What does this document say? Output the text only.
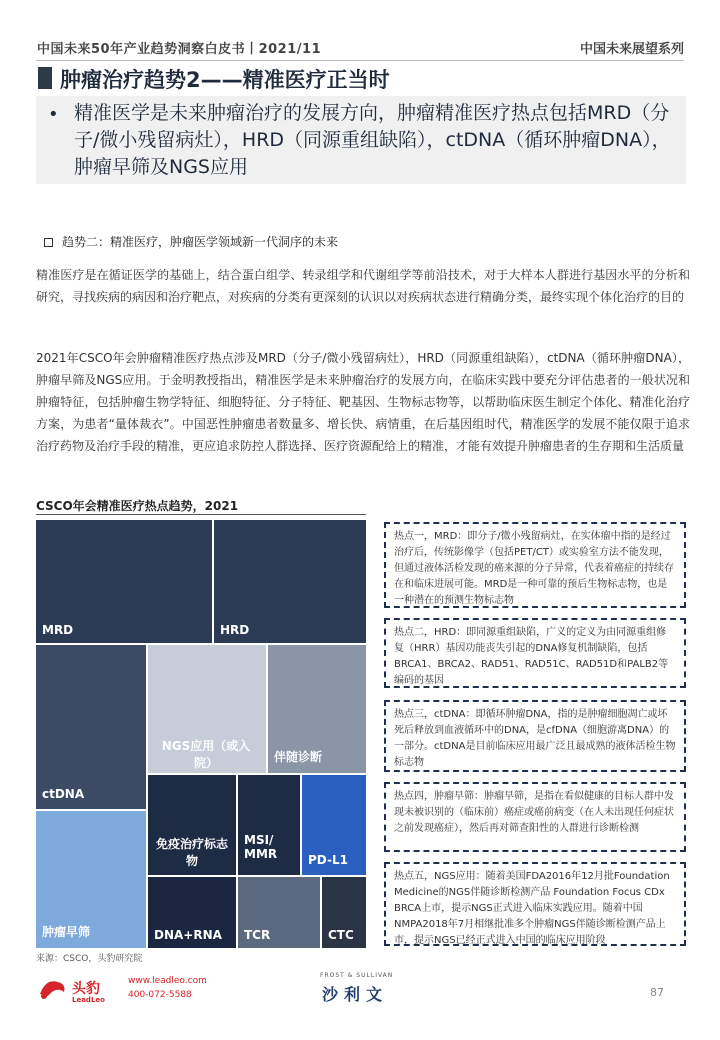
中国未来50年产业趋势洞察白皮书丨2021/11	中国未来展望系列
肿瘤治疗趋势2——精准医疗正当时
• 精准医学是未来肿瘤治疗的发展方向，肿瘤精准医疗热点包括MRD（分子/微小残留病灶），HRD（同源重组缺陷），ctDNA（循环肿瘤DNA），肿瘤早筛及NGS应用
趋势二：精准医疗，肿瘤医学领域新一代洞序的未来
精准医疗是在循证医学的基础上，结合蛋白组学、转录组学和代谢组学等前沿技术，对于大样本人群进行基因水平的分析和研究，寻找疾病的病因和治疗靶点，对疾病的分类有更深刻的认识以对疾病状态进行精确分类，最终实现个体化治疗的目的
2021年CSCO年会肿瘤精准医疗热点涉及MRD（分子/微小残留病灶），HRD（同源重组缺陷），ctDNA（循环肿瘤DNA），肿瘤早筛及NGS应用。于金明教授指出，精准医学是未来肿瘤治疗的发展方向，在临床实践中要充分评估患者的一般状况和肿瘤特征，包括肿瘤生物学特征、细胞特征、分子特征、靶基因、生物标志物等，以帮助临床医生制定个体化、精准化治疗方案，为患者“量体裁衣”。中国恶性肿瘤患者数量多、增长快、病情重，在后基因组时代，精准医学的发展不能仅限于追求治疗药物及治疗手段的精准，更应追求防控人群选择、医疗资源配给上的精准，才能有效提升肿瘤患者的生存期和生活质量
CSCO年会精准医疗热点趋势，2021
MRD	HRD
ctDNA
NGS应用（或入院）	伴随诊断
肿瘤早筛
免疫治疗标志物
MSI/ MMR	PD-L1
DNA+RNA TCR	CTC
热点一，MRD：即分子/微小残留病灶，在实体瘤中指的是经过治疗后，传统影像学（包括PET/CT）或实验室方法不能发现，但通过液体活检发现的癌来源的分子异常，代表着癌症的持续存在和临床进展可能。MRD是一种可靠的预后生物标志物，也是一种潜在的预测生物标志物
热点二，HRD：即同源重组缺陷，广义的定义为由同源重组修复（HRR）基因功能丧失引起的DNA修复机制缺陷，包括BRCA1、BRCA2、RAD51、RAD51C、RAD51D和PALB2等编码的基因
热点三，ctDNA：即循环肿瘤DNA，指的是肿瘤细胞凋亡或坏死后释放到血液循环中的DNA，是cfDNA（细胞游离DNA）的一部分。ctDNA是目前临床应用最广泛且最成熟的液体活检生物标志物
热点四，肿瘤早筛：肿瘤早筛，是指在看似健康的目标人群中发现未被识别的（临床前）癌症或癌前病变（在人未出现任何症状之前发现癌症），然后再对筛查阳性的人群进行诊断检测
热点五，NGS应用：随着美国FDA2016年12月批Foundation Medicine的NGS伴随诊断检测产品 Foundation Focus CDx BRCA上市，提示NGS正式进入临床实践应用。随着中国NMPA2018年7月相继批准多个肿瘤NGS伴随诊断检测产品上市，提示NGS已经正式进入中国的临床应用阶段
来源：CSCO，头豹研究院
头豹
LeadLeo
www.leadleo.com
400-072-5588
FROST & SULLIVAN
沙利文	87
